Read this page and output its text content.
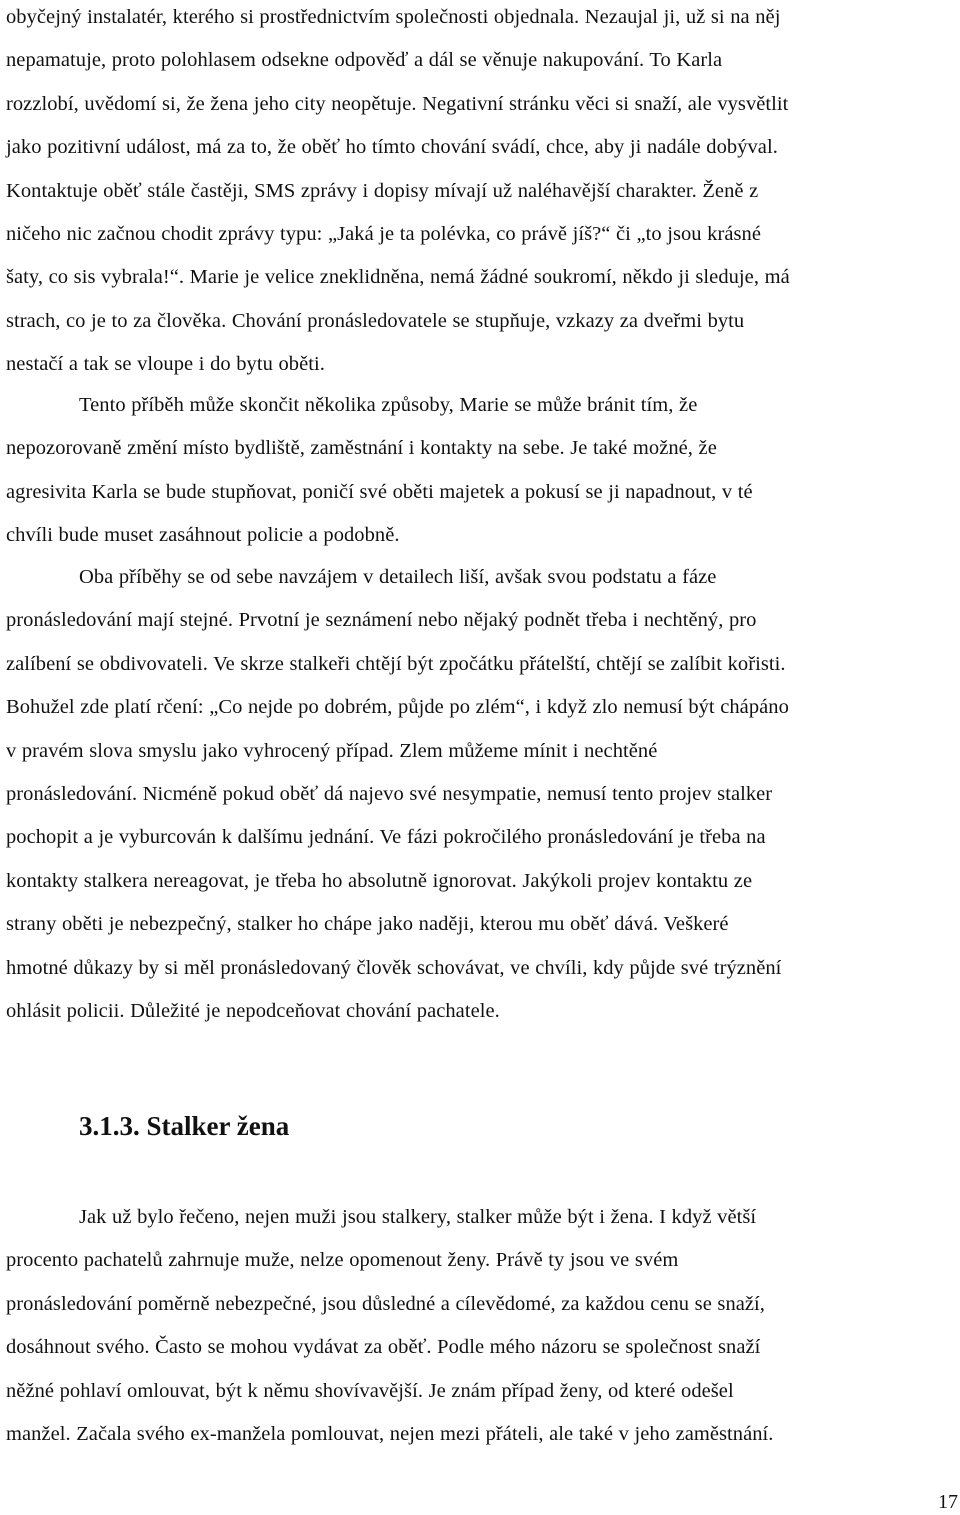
obyčejný instalatér, kterého si prostřednictvím společnosti objednala. Nezaujal ji, už si na něj
nepamatuje, proto polohlasem odsekne odpověď a dál se věnuje nakupování. To Karla
rozzlobí, uvědomí si, že žena jeho city neopětuje. Negativní stránku věci si snaží, ale vysvětlit
jako pozitivní událost, má za to, že oběť ho tímto chování svádí, chce, aby ji nadále dobýval.
Kontaktuje oběť stále častěji, SMS zprávy i dopisy mívají už naléhavější charakter. Ženě z
ničeho nic začnou chodit zprávy typu: „Jaká je ta polévka, co právě jíš?“ či „to jsou krásné
šaty, co sis vybrala!“. Marie je velice zneklidněna, nemá žádné soukromí, někdo ji sleduje, má
strach, co je to za člověka. Chování pronásledovatele se stupňuje, vzkazy za dveřmi bytu
nestačí a tak se vloupe i do bytu oběti.

Tento příběh může skončit několika způsoby, Marie se může bránit tím, že
nepozorovaně změní místo bydliště, zaměstnání i kontakty na sebe. Je také možné, že
agresivita Karla se bude stupňovat, poničí své oběti majetek a pokusí se ji napadnout, v té
chvíli bude muset zasáhnout policie a podobně.

Oba příběhy se od sebe navzájem v detailech liší, avšak svou podstatu a fáze
pronásledování mají stejné. Prvotní je seznámení nebo nějaký podnět třeba i nechtěný, pro
zalíbení se obdivovateli. Ve skrze stalkeři chtějí být zpočátku přátelští, chtějí se zalíbit kořisti.
Bohužel zde platí rčení: „Co nejde po dobrém, půjde po zlém“, i když zlo nemusí být chápáno
v pravém slova smyslu jako vyhrocený případ. Zlem můžeme mínit i nechtěné
pronásledování. Nicméně pokud oběť dá najevo své nesympatie, nemusí tento projev stalker
pochopit a je vyburcován k dalšímu jednání. Ve fázi pokročilého pronásledování je třeba na
kontakty stalkera nereagovat, je třeba ho absolutně ignorovat. Jakýkoli projev kontaktu ze
strany oběti je nebezpečný, stalker ho chápe jako naději, kterou mu oběť dává. Veškeré
hmotné důkazy by si měl pronásledovaný člověk schovávat, ve chvíli, kdy půjde své trýznění
ohlásit policii. Důležité je nepodceňovat chování pachatele.

3.1.3. Stalker žena

Jak už bylo řečeno, nejen muži jsou stalkery, stalker může být i žena. I když větší
procento pachatelů zahrnuje muže, nelze opomenout ženy. Právě ty jsou ve svém
pronásledování poměrně nebezpečné, jsou důsledné a cílevědomé, za každou cenu se snaží,
dosáhnout svého. Často se mohou vydávat za oběť. Podle mého názoru se společnost snaží
něžné pohlaví omlouvat, být k němu shovívavější. Je znám případ ženy, od které odešel
manžel. Začala svého ex-manžela pomlouvat, nejen mezi přáteli, ale také v jeho zaměstnání.

17
